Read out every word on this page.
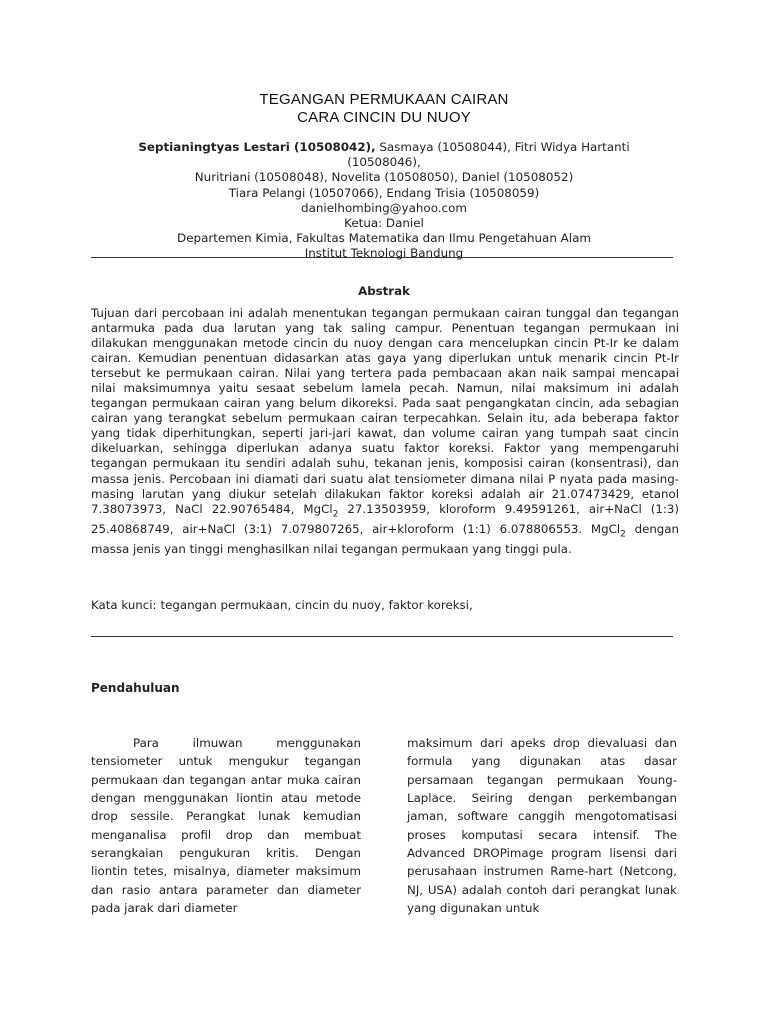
TEGANGAN PERMUKAAN CAIRAN
CARA CINCIN DU NUOY
Septianingtyas Lestari (10508042), Sasmaya (10508044), Fitri Widya Hartanti (10508046),
Nuritriani (10508048), Novelita (10508050), Daniel (10508052)
Tiara Pelangi (10507066), Endang Trisia (10508059)
danielhombing@yahoo.com
Ketua: Daniel
Departemen Kimia, Fakultas Matematika dan Ilmu Pengetahuan Alam
Institut Teknologi Bandung
Abstrak

Tujuan dari percobaan ini adalah menentukan tegangan permukaan cairan tunggal dan tegangan antarmuka pada dua larutan yang tak saling campur. Penentuan tegangan permukaan ini dilakukan menggunakan metode cincin du nuoy dengan cara mencelupkan cincin Pt-Ir ke dalam cairan. Kemudian penentuan didasarkan atas gaya yang diperlukan untuk menarik cincin Pt-Ir tersebut ke permukaan cairan. Nilai yang tertera pada pembacaan akan naik sampai mencapai nilai maksimumnya yaitu sesaat sebelum lamela pecah. Namun, nilai maksimum ini adalah tegangan permukaan cairan yang belum dikoreksi. Pada saat pengangkatan cincin, ada sebagian cairan yang terangkat sebelum permukaan cairan terpecahkan. Selain itu, ada beberapa faktor yang tidak diperhitungkan, seperti jari-jari kawat, dan volume cairan yang tumpah saat cincin dikeluarkan, sehingga diperlukan adanya suatu faktor koreksi. Faktor yang mempengaruhi tegangan permukaan itu sendiri adalah suhu, tekanan jenis, komposisi cairan (konsentrasi), dan massa jenis. Percobaan ini diamati dari suatu alat tensiometer dimana nilai P nyata pada masing-masing larutan yang diukur setelah dilakukan faktor koreksi adalah air 21.07473429, etanol 7.38073973, NaCl 22.90765484, MgCl$_2$ 27.13503959, kloroform 9.49591261, air+NaCl (1:3) 25.40868749, air+NaCl (3:1) 7.079807265, air+kloroform (1:1) 6.078806553. MgCl$_2$ dengan massa jenis yan tinggi menghasilkan nilai tegangan permukaan yang tinggi pula.

Kata kunci: tegangan permukaan, cincin du nuoy, faktor koreksi,
Pendahuluan

Para ilmuwan menggunakan tensiometer untuk mengukur tegangan permukaan dan tegangan antar muka cairan dengan menggunakan liontin atau metode drop sessile. Perangkat lunak kemudian menganalisa profil drop dan membuat serangkaian pengukuran kritis. Dengan liontin tetes, misalnya, diameter maksimum dan rasio antara parameter dan diameter pada jarak dari diameter

maksimum dari apeks drop dievaluasi dan formula yang digunakan atas dasar persamaan tegangan permukaan Young-Laplace. Seiring dengan perkembangan jaman, software canggih mengotomatisasi proses komputasi secara intensif. The Advanced DROPimage program lisensi dari perusahaan instrumen Rame-hart (Netcong, NJ, USA) adalah contoh dari perangkat lunak yang digunakan untuk
